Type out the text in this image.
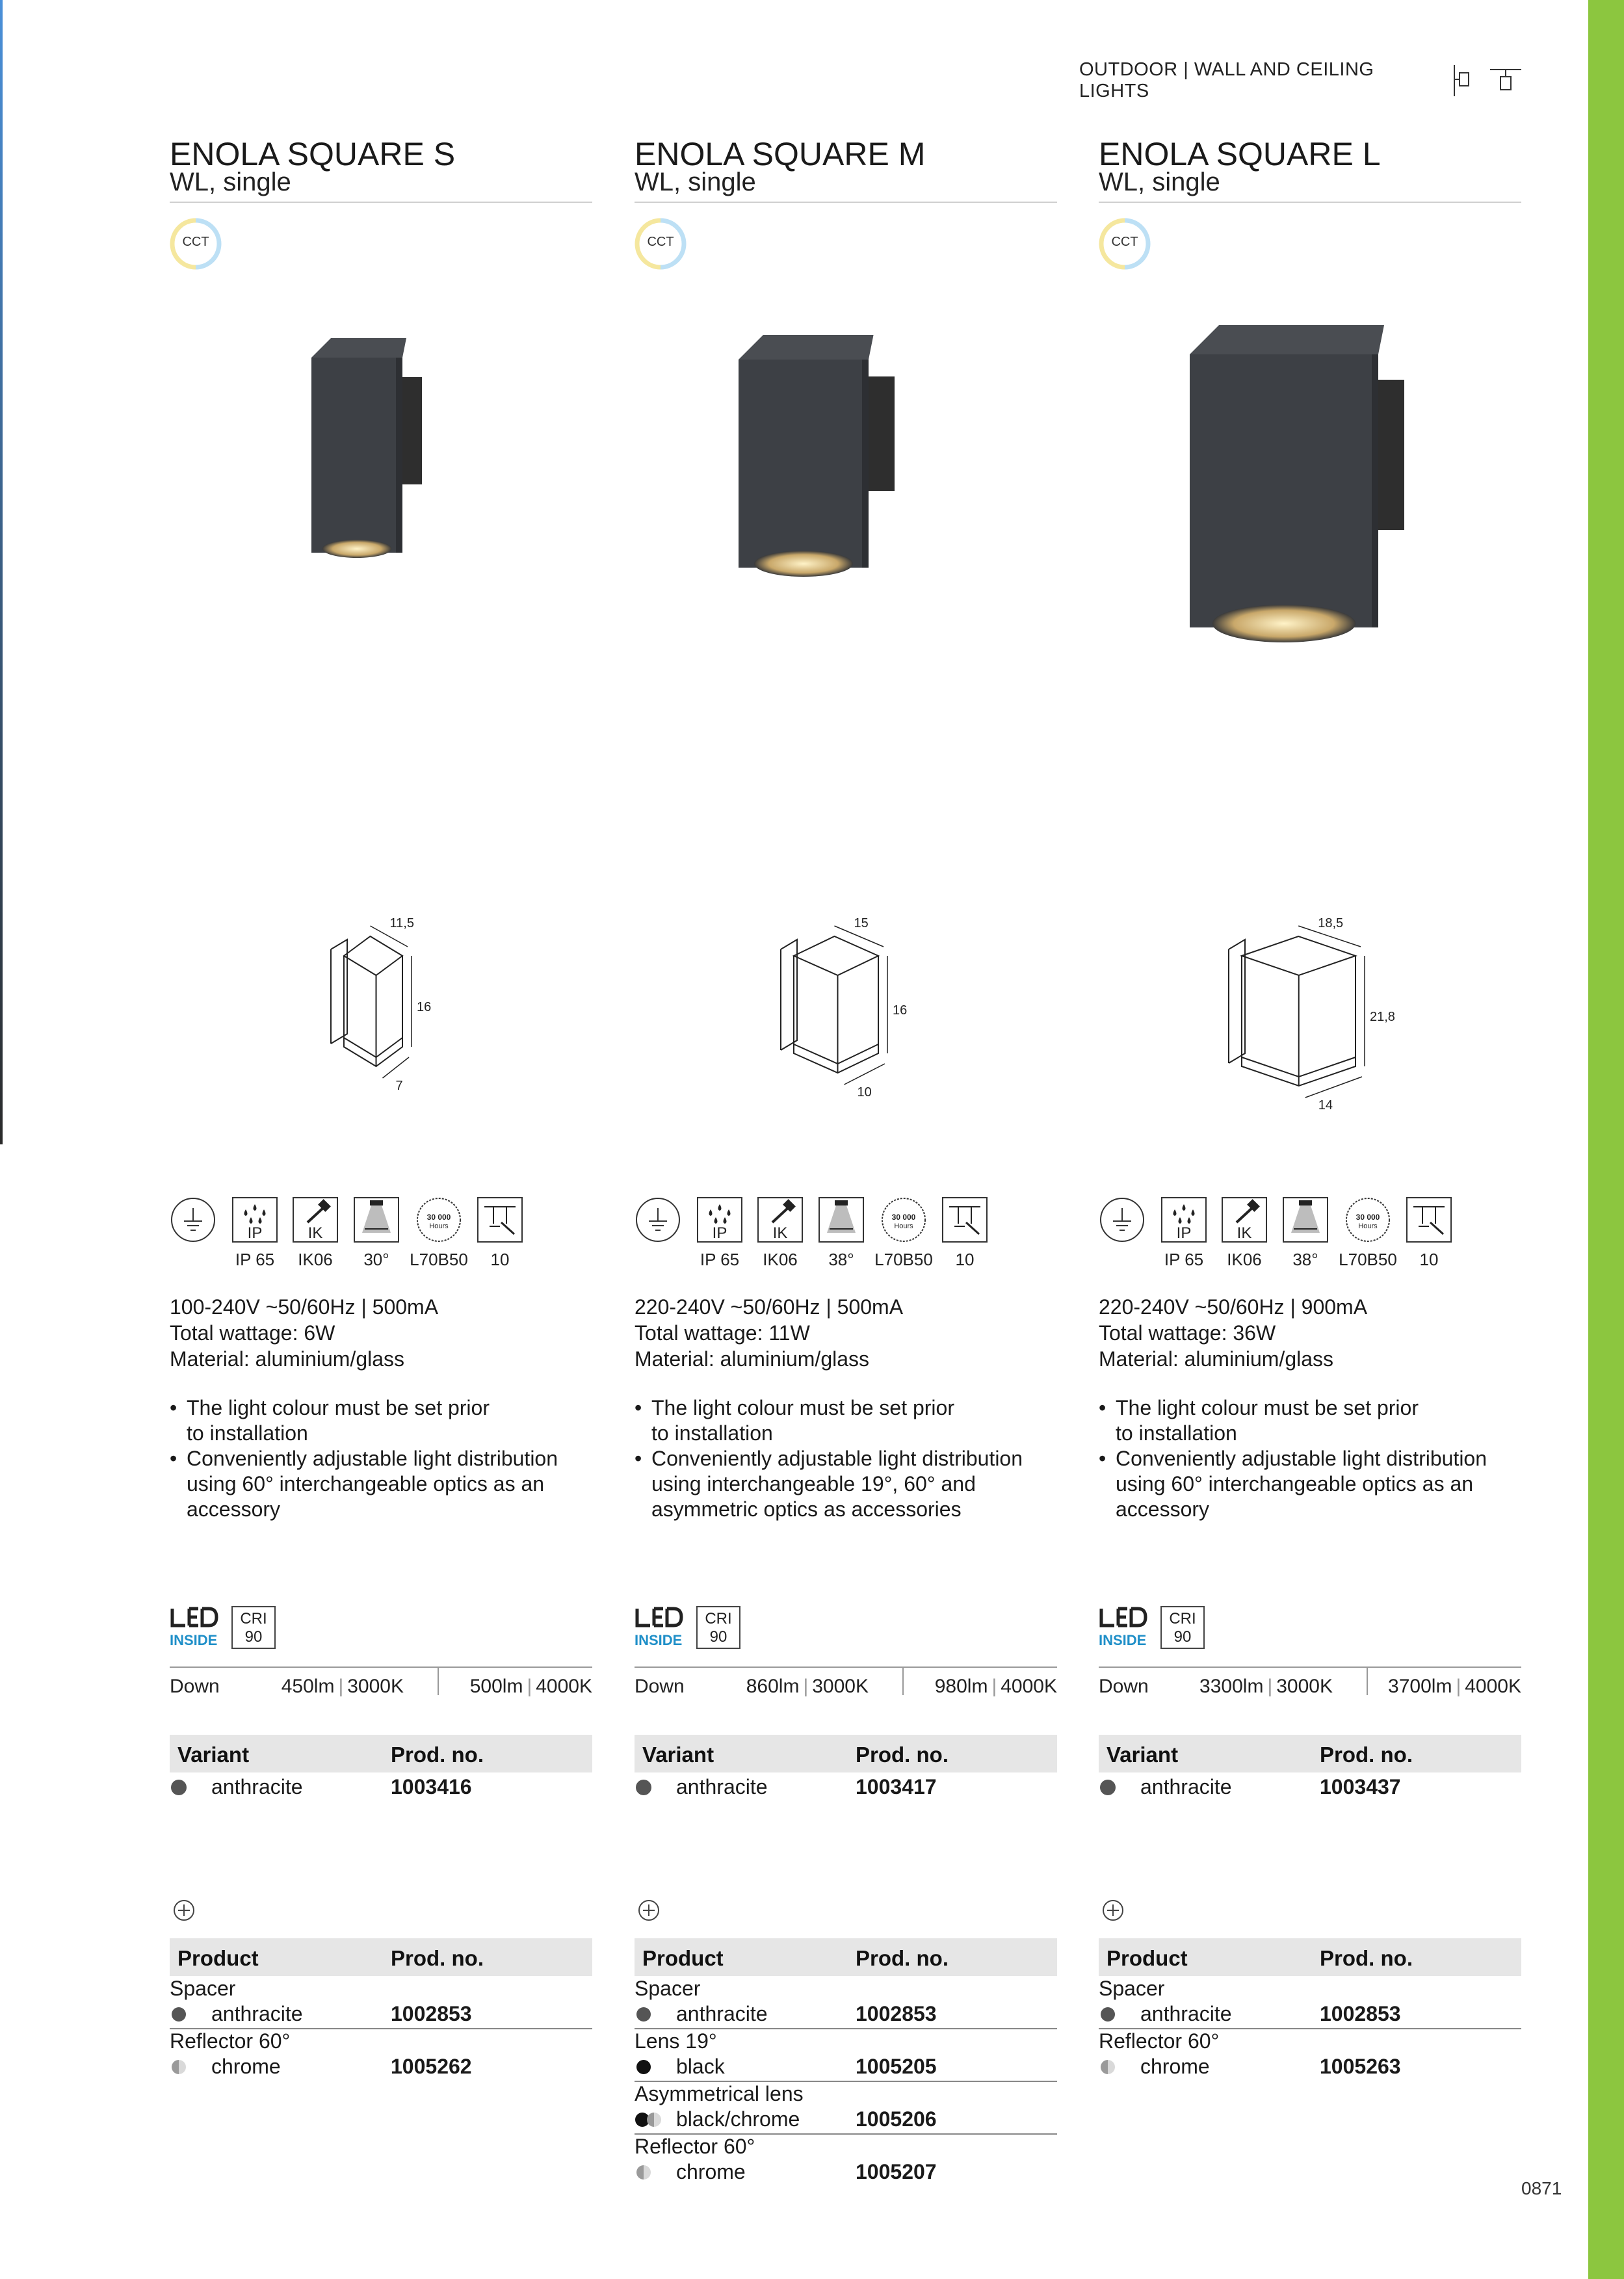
OUTDOOR | WALL AND CEILING LIGHTS
ENOLA SQUARE S
WL, single
CCT
11,5
16
7
IP	IK
30 000
Hours
IP 65	IK06	30°	L70B50	10
100-240V ~50/60Hz | 500mA
Total wattage: 6W
Material: aluminium/glass
• The light colour must be set prior
to installation
• Conveniently adjustable light distribution
using 60° interchangeable optics as an
accessory
INSIDE
CRI
90
Down	450lm | 3000K	500lm | 4000K
Variant	Prod. no.
anthracite	1003416
Product	Prod. no.
Spacer
anthracite	1002853
Reflector 60°
chrome	1005262
ENOLA SQUARE M
WL, single
CCT
15
16
10
IP	IK
30 000
Hours
IP 65	IK06	38°	L70B50	10
220-240V ~50/60Hz | 500mA
Total wattage: 11W
Material: aluminium/glass
• The light colour must be set prior
to installation
• Conveniently adjustable light distribution
using interchangeable 19°, 60° and
asymmetric optics as accessories
INSIDE
CRI
90
Down	860lm | 3000K	980lm | 4000K
Variant	Prod. no.
anthracite	1003417
Product	Prod. no.
Spacer
anthracite	1002853
Lens 19°
black	1005205
Asymmetrical lens
black/chrome	1005206
Reflector 60°
chrome	1005207
ENOLA SQUARE L
WL, single
CCT
18,5
21,8
14
IP	IK
30 000
Hours
IP 65	IK06	38°	L70B50	10
220-240V ~50/60Hz | 900mA
Total wattage: 36W
Material: aluminium/glass
• The light colour must be set prior
to installation
• Conveniently adjustable light distribution
using 60° interchangeable optics as an
accessory
INSIDE
CRI
90
Down	3300lm | 3000K	3700lm | 4000K
Variant	Prod. no.
anthracite	1003437
Product	Prod. no.
Spacer
anthracite	1002853
Reflector 60°
chrome	1005263
0871
